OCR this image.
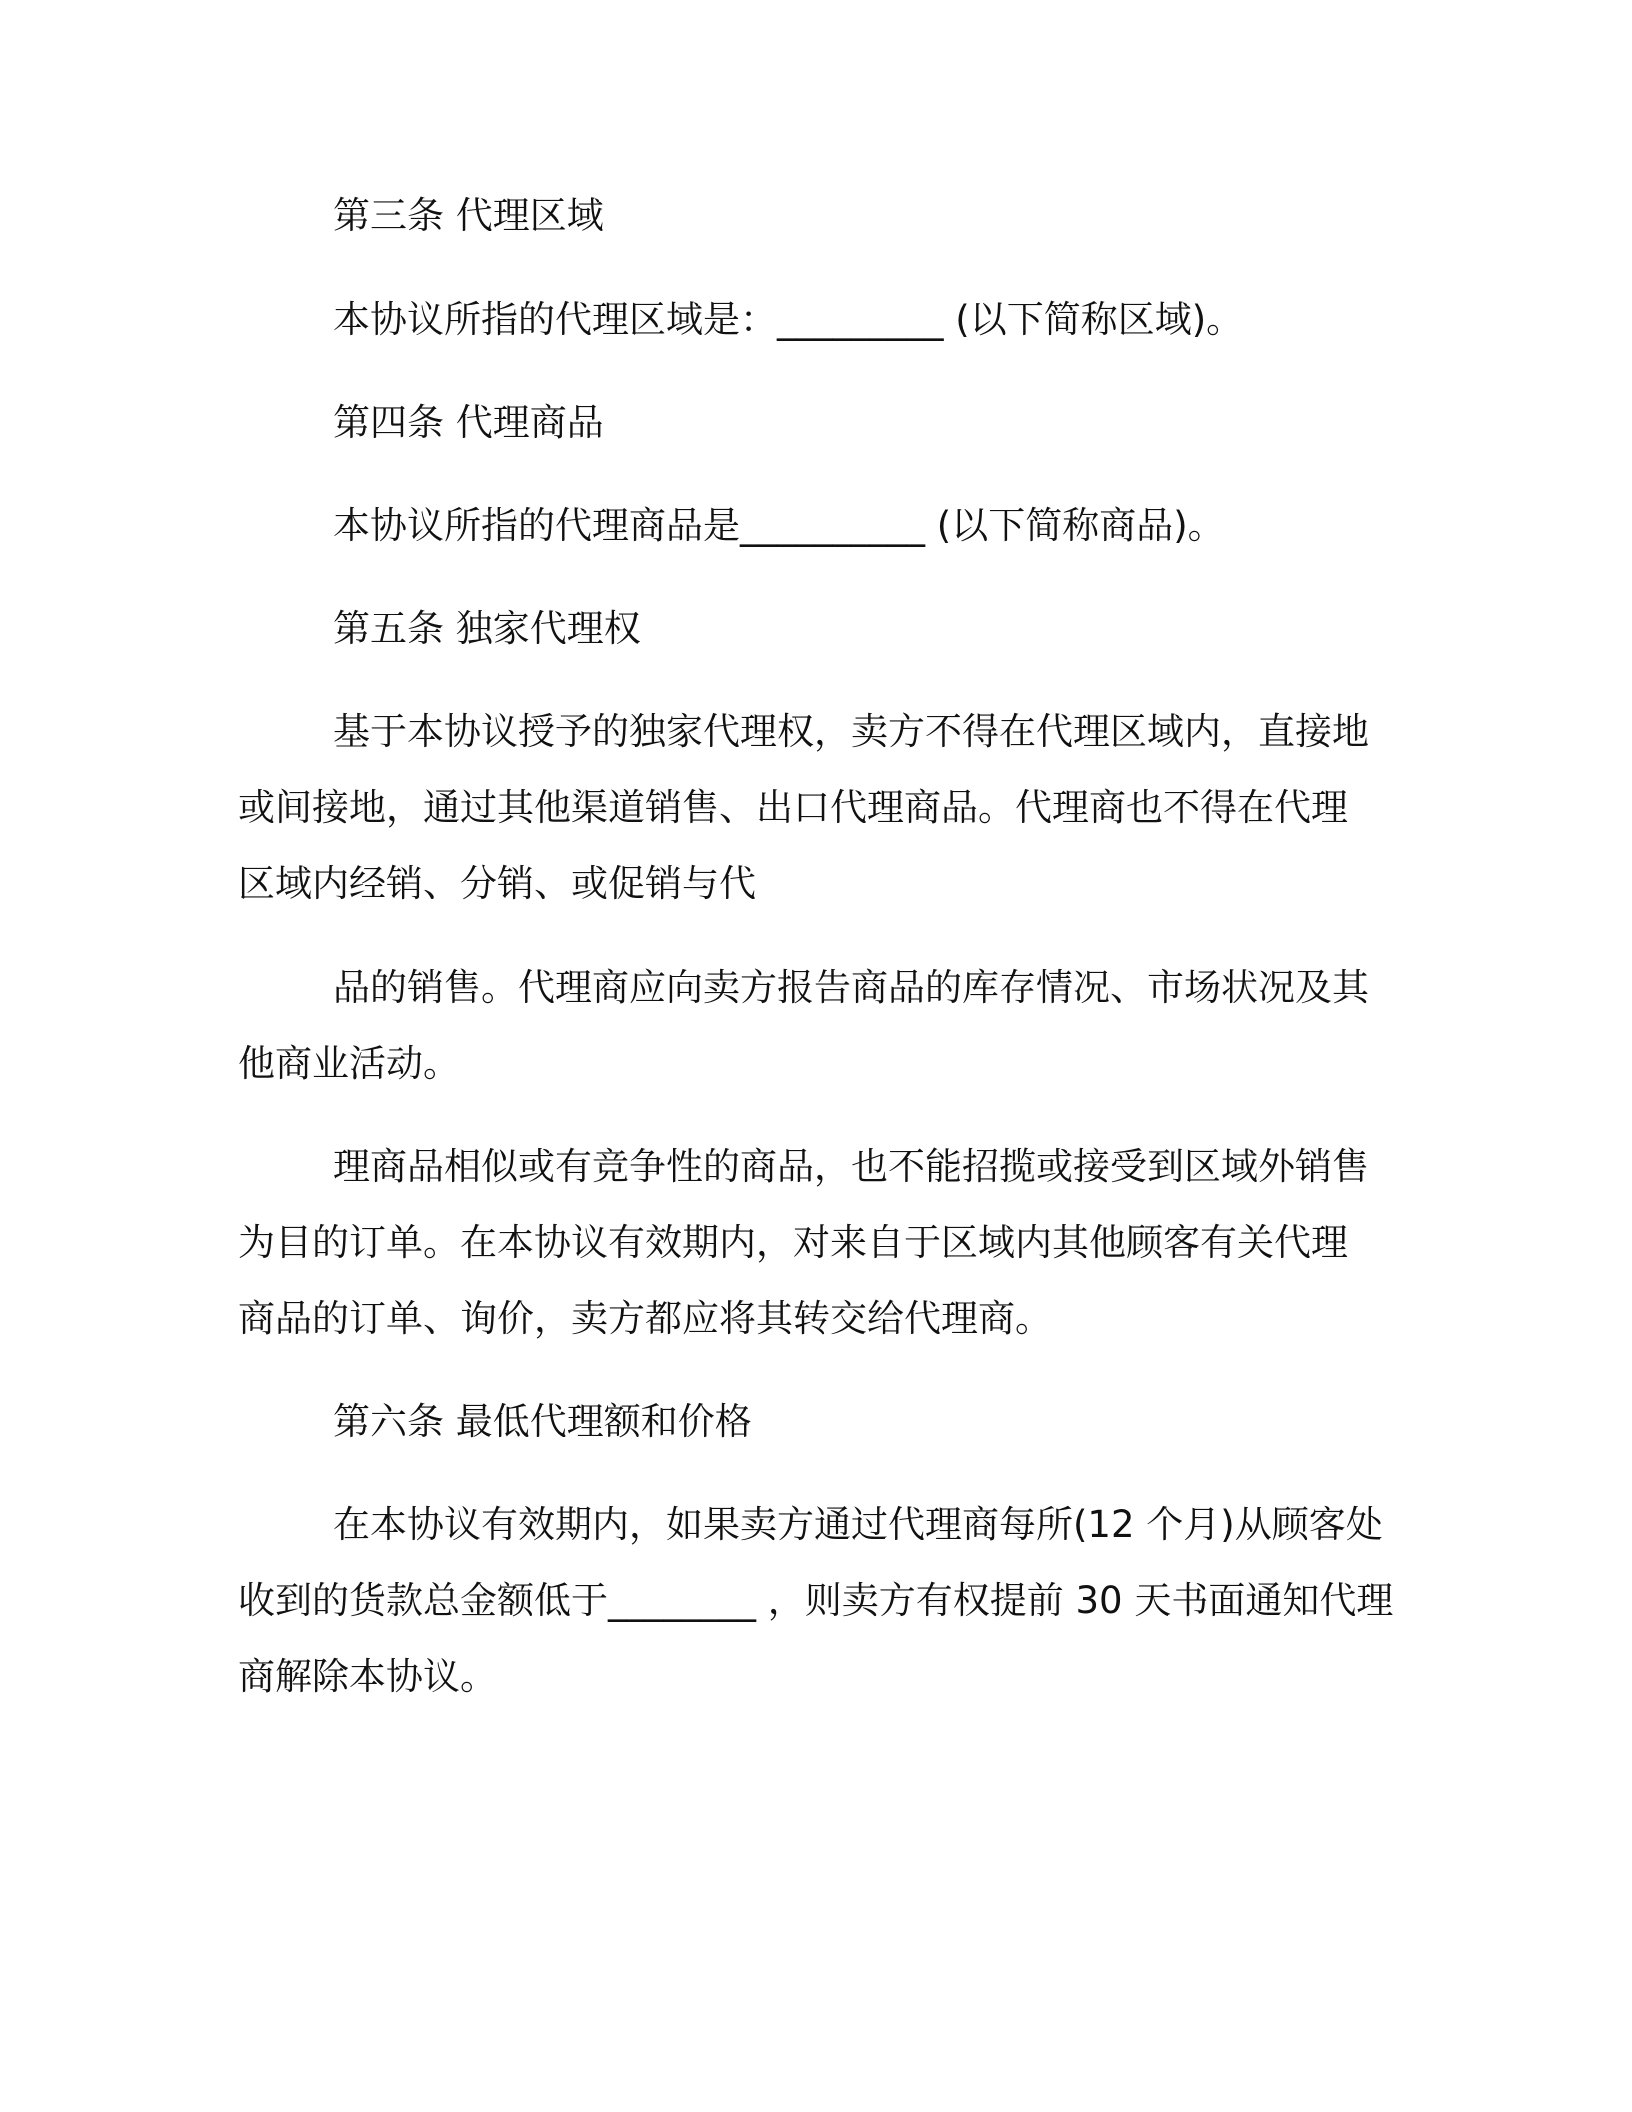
第三条 代理区域

本协议所指的代理区域是：_________ (以下简称区域)。

第四条 代理商品

本协议所指的代理商品是__________ (以下简称商品)。

第五条 独家代理权

基于本协议授予的独家代理权，卖方不得在代理区域内，直接地

或间接地，通过其他渠道销售、出口代理商品。代理商也不得在代理

区域内经销、分销、或促销与代

品的销售。代理商应向卖方报告商品的库存情况、市场状况及其

他商业活动。

理商品相似或有竞争性的商品，也不能招揽或接受到区域外销售

为目的订单。在本协议有效期内，对来自于区域内其他顾客有关代理

商品的订单、询价，卖方都应将其转交给代理商。

第六条 最低代理额和价格

在本协议有效期内，如果卖方通过代理商每所(12 个月)从顾客处

收到的货款总金额低于________ ，则卖方有权提前 30 天书面通知代理

商解除本协议。
